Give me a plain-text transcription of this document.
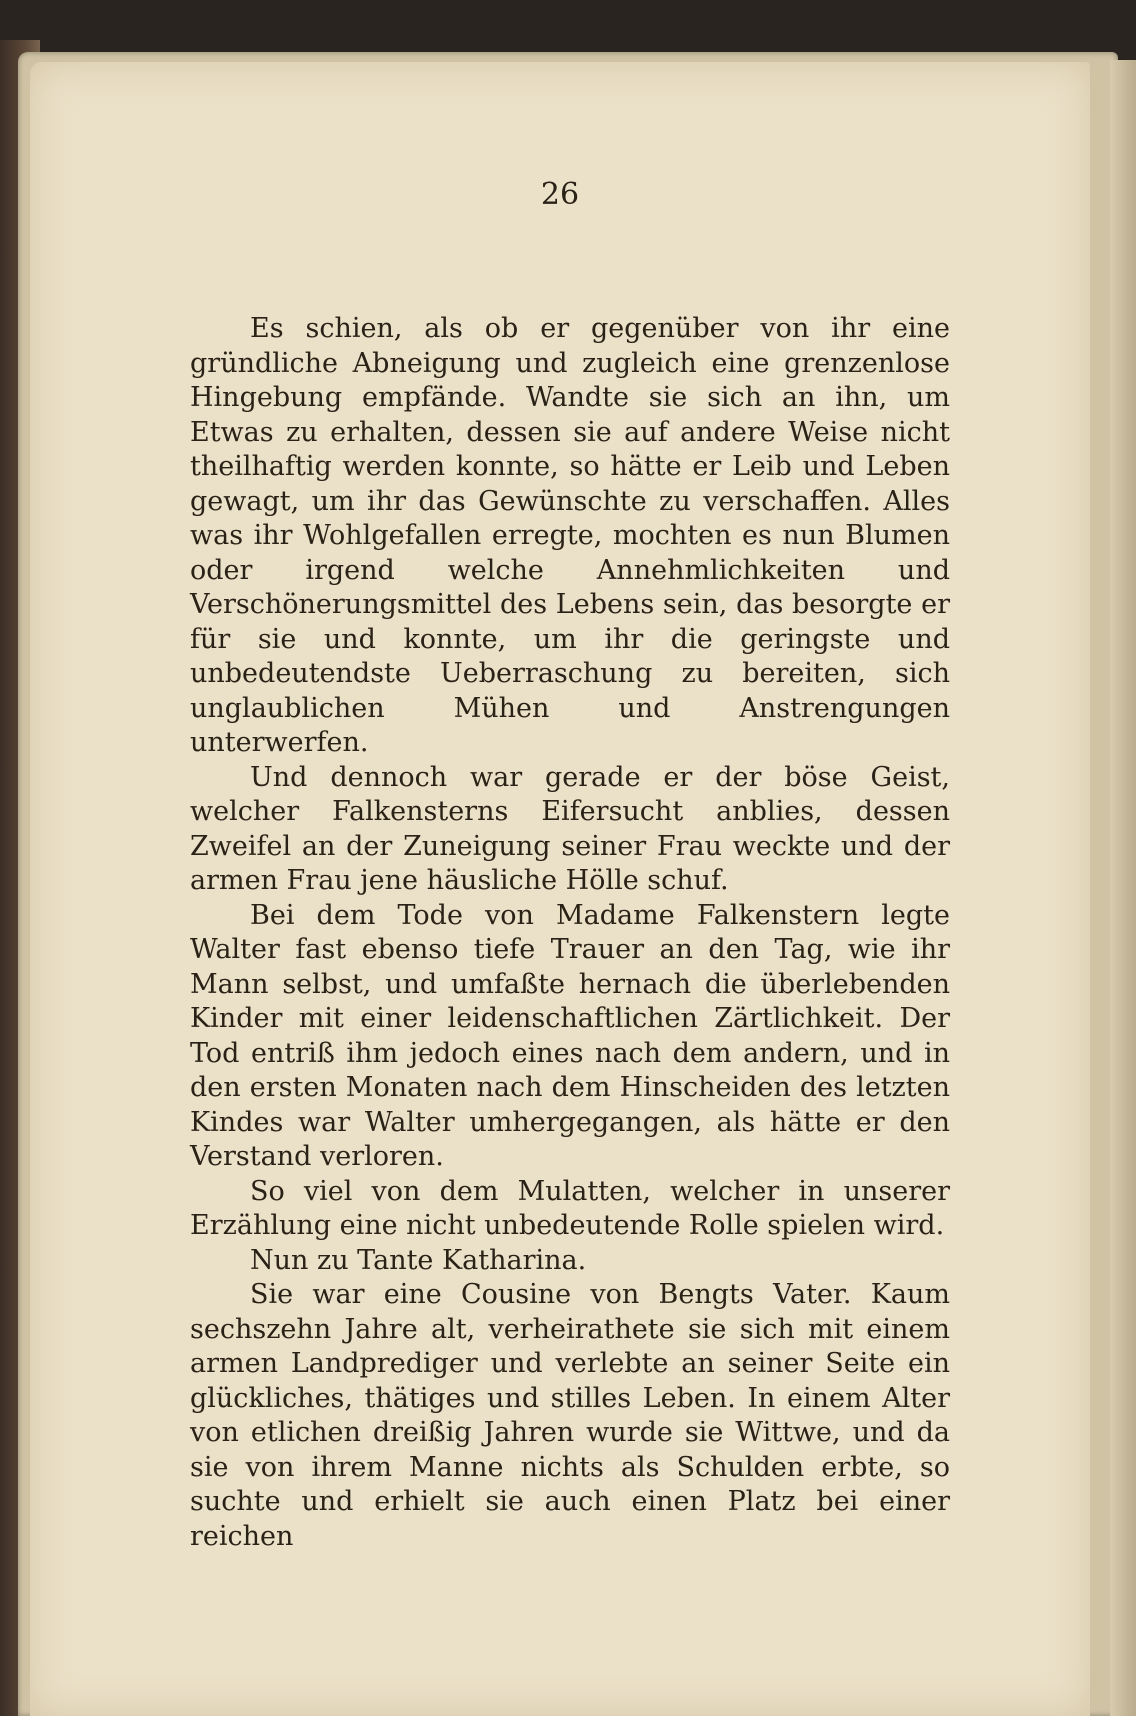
26

Es schien, als ob er gegenüber von ihr eine gründliche Abneigung und zugleich eine grenzenlose Hingebung empfände. Wandte sie sich an ihn, um Etwas zu erhalten, dessen sie auf andere Weise nicht theilhaftig werden konnte, so hätte er Leib und Leben gewagt, um ihr das Gewünschte zu verschaffen. Alles was ihr Wohlgefallen erregte, mochten es nun Blumen oder irgend welche Annehmlichkeiten und Verschönerungsmittel des Lebens sein, das besorgte er für sie und konnte, um ihr die geringste und unbedeutendste Ueberraschung zu bereiten, sich unglaublichen Mühen und Anstrengungen unterwerfen.

Und dennoch war gerade er der böse Geist, welcher Falkensterns Eifersucht anblies, dessen Zweifel an der Zuneigung seiner Frau weckte und der armen Frau jene häusliche Hölle schuf.

Bei dem Tode von Madame Falkenstern legte Walter fast ebenso tiefe Trauer an den Tag, wie ihr Mann selbst, und umfaßte hernach die überlebenden Kinder mit einer leidenschaftlichen Zärtlichkeit. Der Tod entriß ihm jedoch eines nach dem andern, und in den ersten Monaten nach dem Hinscheiden des letzten Kindes war Walter umhergegangen, als hätte er den Verstand verloren.

So viel von dem Mulatten, welcher in unserer Erzählung eine nicht unbedeutende Rolle spielen wird.

Nun zu Tante Katharina.

Sie war eine Cousine von Bengts Vater. Kaum sechszehn Jahre alt, verheirathete sie sich mit einem armen Landprediger und verlebte an seiner Seite ein glückliches, thätiges und stilles Leben. In einem Alter von etlichen dreißig Jahren wurde sie Wittwe, und da sie von ihrem Manne nichts als Schulden erbte, so suchte und erhielt sie auch einen Platz bei einer reichen
